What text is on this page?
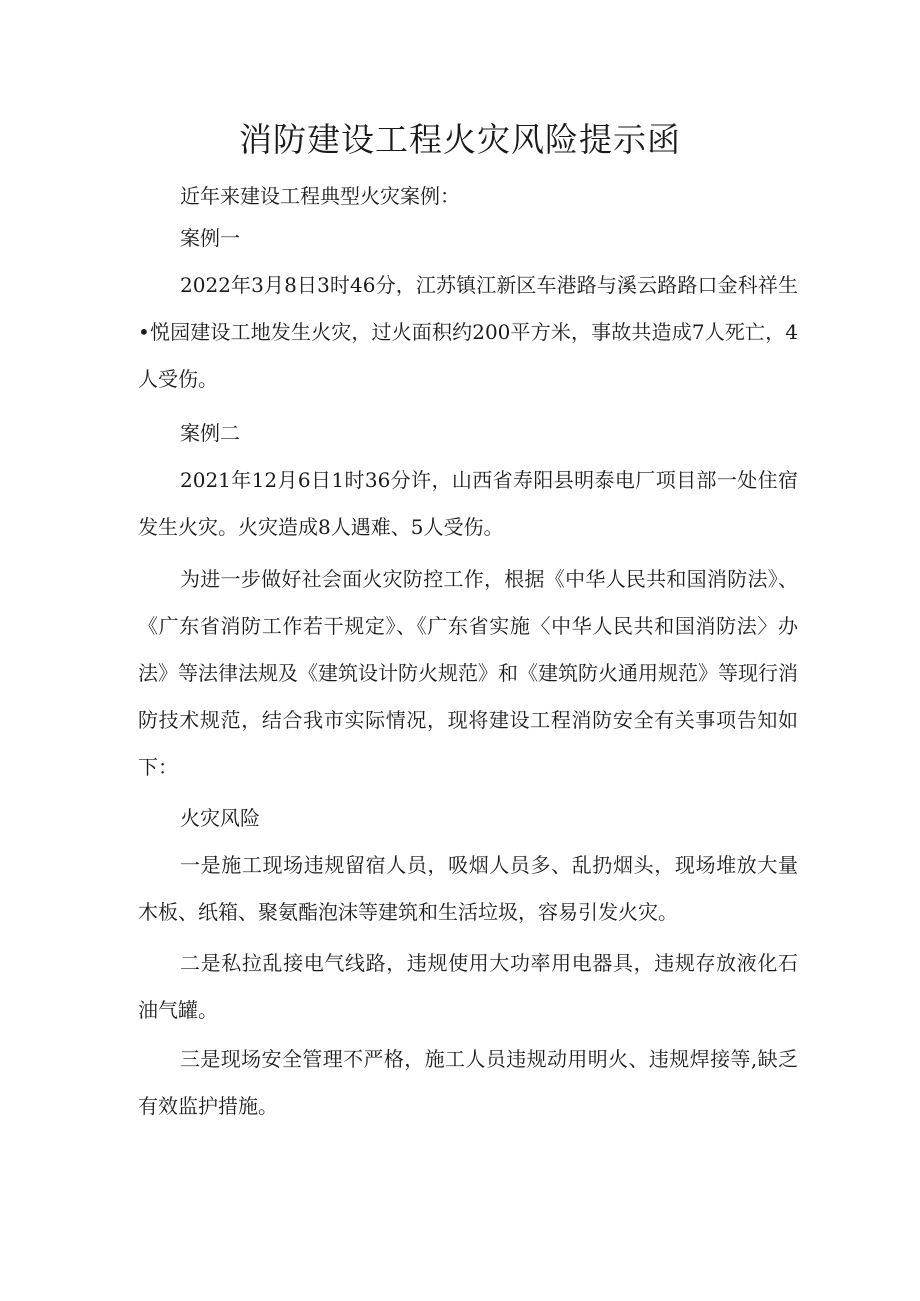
消防建设工程火灾风险提示函
近年来建设工程典型火灾案例：
案例一

2022年3月8日3时46分，江苏镇江新区车港路与溪云路路口金科祥生•悦园建设工地发生火灾，过火面积约200平方米，事故共造成7人死亡，4人受伤。

案例二

2021年12月6日1时36分许，山西省寿阳县明泰电厂项目部一处住宿发生火灾。火灾造成8人遇难、5人受伤。

为进一步做好社会面火灾防控工作，根据《中华人民共和国消防法》、《广东省消防工作若干规定》、《广东省实施〈中华人民共和国消防法〉办法》等法律法规及《建筑设计防火规范》和《建筑防火通用规范》等现行消防技术规范，结合我市实际情况，现将建设工程消防安全有关事项告知如下：

火灾风险

一是施工现场违规留宿人员，吸烟人员多、乱扔烟头，现场堆放大量木板、纸箱、聚氨酯泡沫等建筑和生活垃圾，容易引发火灾。

二是私拉乱接电气线路，违规使用大功率用电器具，违规存放液化石油气罐。

三是现场安全管理不严格，施工人员违规动用明火、违规焊接等,缺乏有效监护措施。
